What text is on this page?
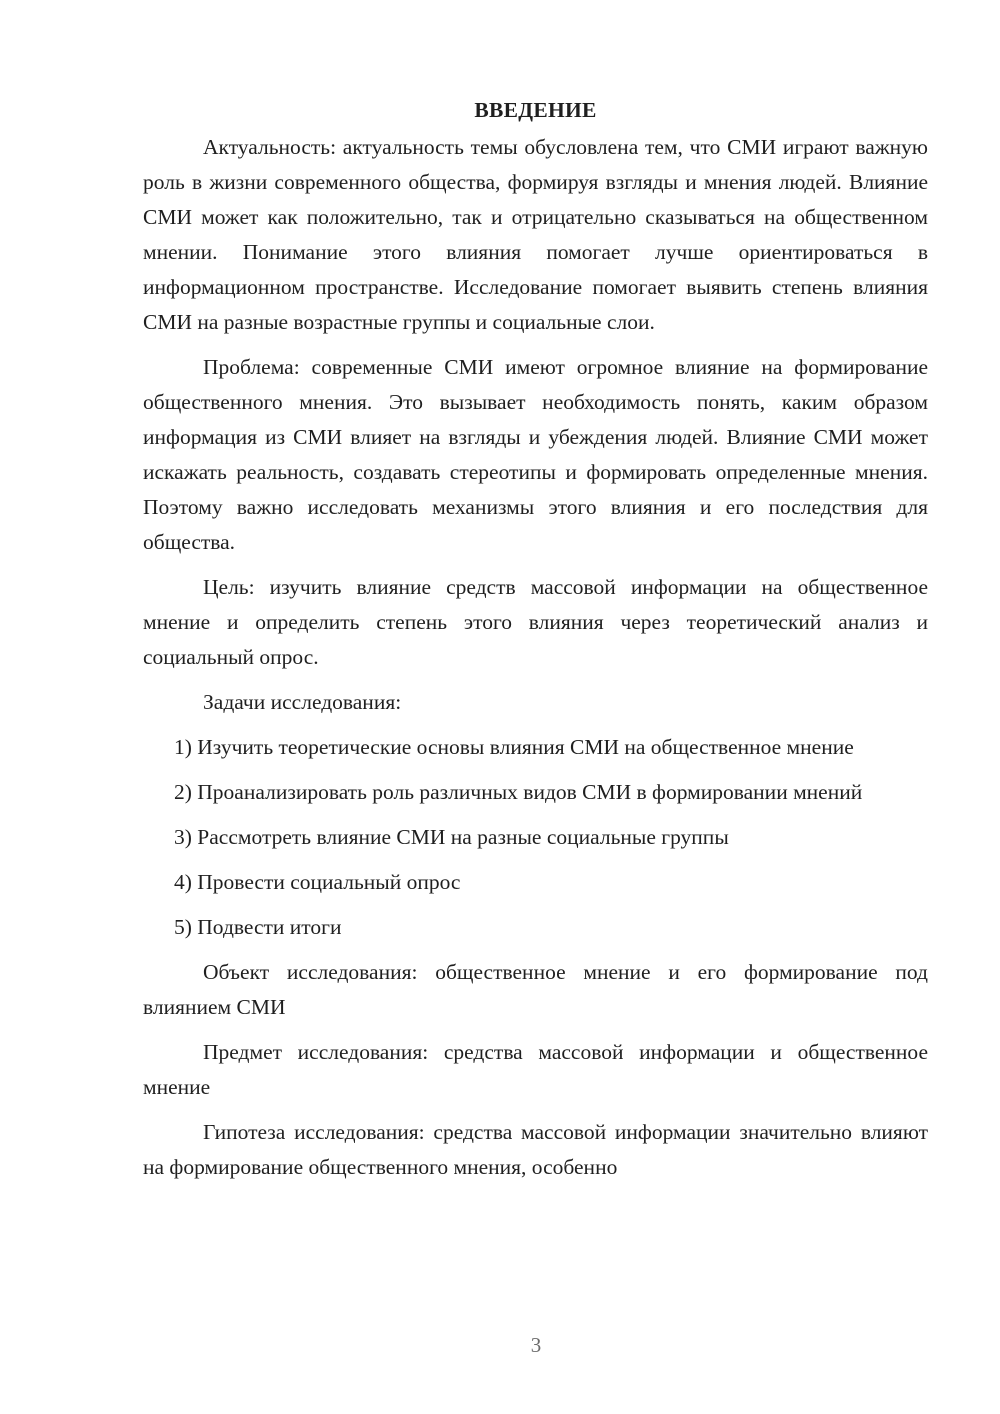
ВВЕДЕНИЕ

Актуальность: актуальность темы обусловлена тем, что СМИ играют важную роль в жизни современного общества, формируя взгляды и мнения людей. Влияние СМИ может как положительно, так и отрицательно сказываться на общественном мнении. Понимание этого влияния помогает лучше ориентироваться в информационном пространстве. Исследование помогает выявить степень влияния СМИ на разные возрастные группы и социальные слои.

Проблема: современные СМИ имеют огромное влияние на формирование общественного мнения. Это вызывает необходимость понять, каким образом информация из СМИ влияет на взгляды и убеждения людей. Влияние СМИ может искажать реальность, создавать стереотипы и формировать определенные мнения. Поэтому важно исследовать механизмы этого влияния и его последствия для общества.

Цель: изучить влияние средств массовой информации на общественное мнение и определить степень этого влияния через теоретический анализ и социальный опрос.

Задачи исследования:

1) Изучить теоретические основы влияния СМИ на общественное мнение

2) Проанализировать роль различных видов СМИ в формировании мнений

3) Рассмотреть влияние СМИ на разные социальные группы

4) Провести социальный опрос

5) Подвести итоги

Объект исследования: общественное мнение и его формирование под влиянием СМИ

Предмет исследования: средства массовой информации и общественное мнение

Гипотеза исследования: средства массовой информации значительно влияют на формирование общественного мнения, особенно

3
